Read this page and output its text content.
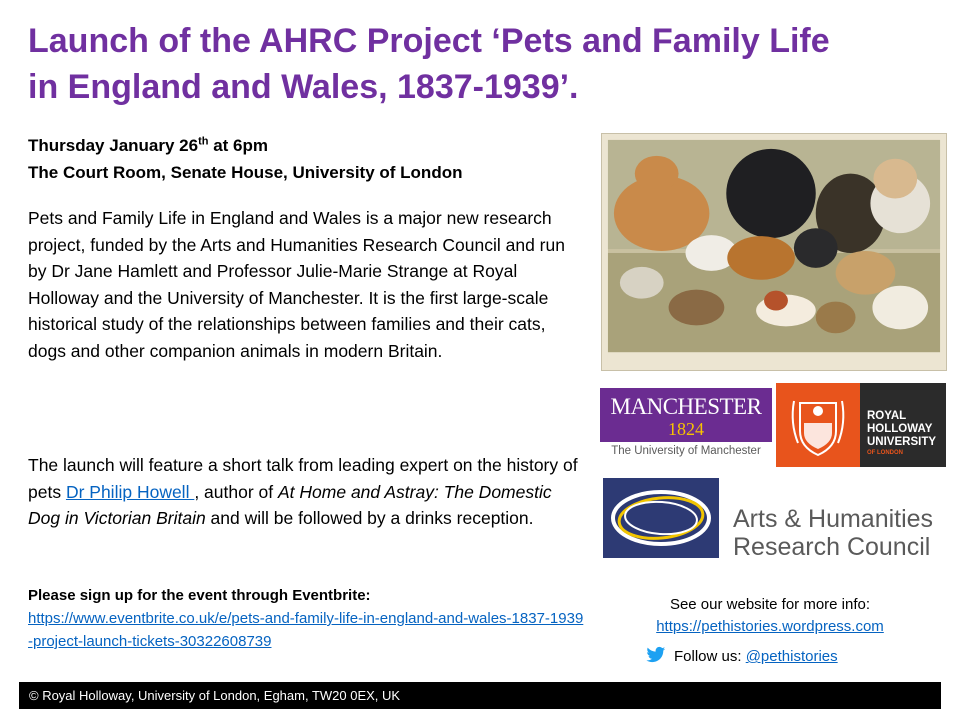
Launch of the AHRC Project ‘Pets and Family Life
in England and Wales, 1837-1939’.
Thursday January 26th at 6pm
The Court Room, Senate House, University of London

Pets and Family Life in England and Wales is a major new research project, funded by the Arts and Humanities Research Council and run by Dr Jane Hamlett and Professor Julie-Marie Strange at Royal Holloway and the University of Manchester. It is the first large-scale historical study of the relationships between families and their cats, dogs and other companion animals in modern Britain.

The launch will feature a short talk from leading expert on the history of pets Dr Philip Howell , author of At Home and Astray: The Domestic Dog in Victorian Britain and will be followed by a drinks reception.

Please sign up for the event through Eventbrite:
https://www.eventbrite.co.uk/e/pets-and-family-life-in-england-and-wales-1837-1939-project-launch-tickets-30322608739
MANCHESTER
1824
The University of Manchester
ROYAL
HOLLOWAY
UNIVERSITY
OF LONDON

Arts & Humanities
Research Council

See our website for more info:
https://pethistories.wordpress.com
Follow us: @pethistories
© Royal Holloway, University of London, Egham, TW20 0EX, UK
